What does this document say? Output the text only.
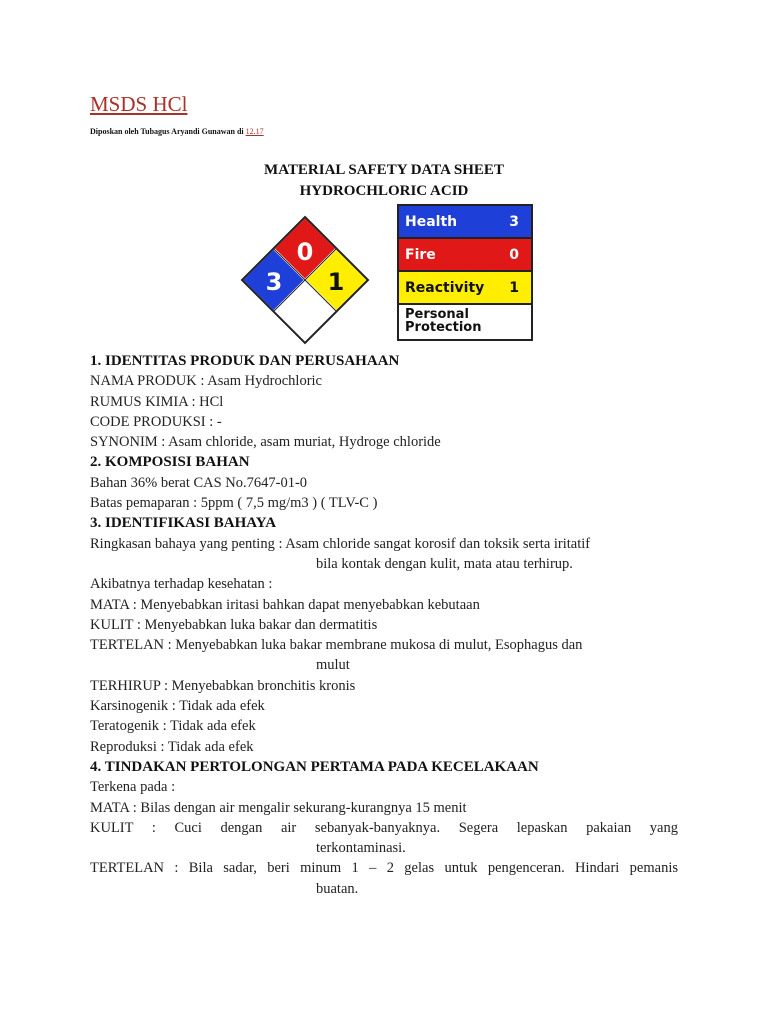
MSDS HCl
Diposkan oleh Tubagus Aryandi Gunawan di 12.17
MATERIAL SAFETY DATA SHEET
HYDROCHLORIC ACID
0
3 1
Health	3
Fire	0
Reactivity 1
Personal
Protection

1. IDENTITAS PRODUK DAN PERUSAHAAN

NAMA PRODUK : Asam Hydrochloric

RUMUS KIMIA : HCl

CODE PRODUKSI : -

SYNONIM : Asam chloride, asam muriat, Hydroge chloride

2. KOMPOSISI BAHAN

Bahan 36% berat CAS No.7647-01-0

Batas pemaparan : 5ppm ( 7,5 mg/m3 ) ( TLV-C )

3. IDENTIFIKASI BAHAYA

Ringkasan bahaya yang penting : Asam chloride sangat korosif dan toksik serta iritatif

bila kontak dengan kulit, mata atau terhirup.

Akibatnya terhadap kesehatan :

MATA : Menyebabkan iritasi bahkan dapat menyebabkan kebutaan

KULIT : Menyebabkan luka bakar dan dermatitis

TERTELAN : Menyebabkan luka bakar membrane mukosa di mulut, Esophagus dan

mulut

TERHIRUP : Menyebabkan bronchitis kronis

Karsinogenik : Tidak ada efek

Teratogenik : Tidak ada efek

Reproduksi : Tidak ada efek

4. TINDAKAN PERTOLONGAN PERTAMA PADA KECELAKAAN

Terkena pada :

MATA : Bilas dengan air mengalir sekurang-kurangnya 15 menit

KULIT : Cuci dengan air sebanyak-banyaknya. Segera lepaskan pakaian yang

terkontaminasi.

TERTELAN : Bila sadar, beri minum 1 – 2 gelas untuk pengenceran. Hindari pemanis

buatan.
